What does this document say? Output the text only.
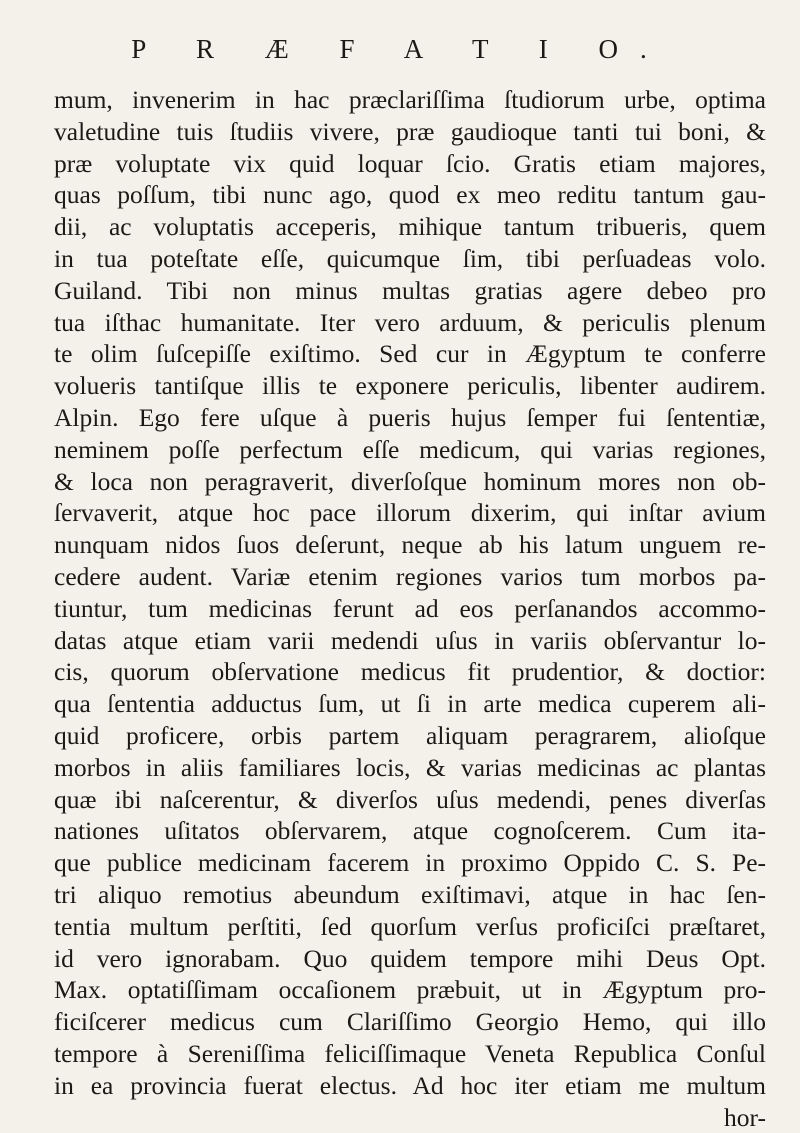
P R Æ F A T I O.
mum, invenerim in hac præclariſſima ſtudiorum urbe, optima
valetudine tuis ſtudiis vivere, præ gaudioque tanti tui boni, &
præ voluptate vix quid loquar ſcio. Gratis etiam majores,
quas poſſum, tibi nunc ago, quod ex meo reditu tantum gau-
dii, ac voluptatis acceperis, mihique tantum tribueris, quem
in tua poteſtate eſſe, quicumque ſim, tibi perſuadeas volo.
Guiland. Tibi non minus multas gratias agere debeo pro
tua iſthac humanitate. Iter vero arduum, & periculis plenum
te olim ſuſcepiſſe exiſtimo. Sed cur in Ægyptum te conferre
volueris tantiſque illis te exponere periculis, libenter audirem.
Alpin. Ego fere uſque à pueris hujus ſemper fui ſententiæ,
neminem poſſe perfectum eſſe medicum, qui varias regiones,
& loca non peragraverit, diverſoſque hominum mores non ob-
ſervaverit, atque hoc pace illorum dixerim, qui inſtar avium
nunquam nidos ſuos deſerunt, neque ab his latum unguem re-
cedere audent. Variæ etenim regiones varios tum morbos pa-
tiuntur, tum medicinas ferunt ad eos perſanandos accommo-
datas atque etiam varii medendi uſus in variis obſervantur lo-
cis, quorum obſervatione medicus fit prudentior, & doctior:
qua ſententia adductus ſum, ut ſi in arte medica cuperem ali-
quid proficere, orbis partem aliquam peragrarem, alioſque
morbos in aliis familiares locis, & varias medicinas ac plantas
quæ ibi naſcerentur, & diverſos uſus medendi, penes diverſas
nationes uſitatos obſervarem, atque cognoſcerem. Cum ita-
que publice medicinam facerem in proximo Oppido C. S. Pe-
tri aliquo remotius abeundum exiſtimavi, atque in hac ſen-
tentia multum perſtiti, ſed quorſum verſus proficiſci præſtaret,
id vero ignorabam. Quo quidem tempore mihi Deus Opt.
Max. optatiſſimam occaſionem præbuit, ut in Ægyptum pro-
ficiſcerer medicus cum Clariſſimo Georgio Hemo, qui illo
tempore à Sereniſſima feliciſſimaque Veneta Republica Conſul
in ea provincia fuerat electus. Ad hoc iter etiam me multum
hor-
